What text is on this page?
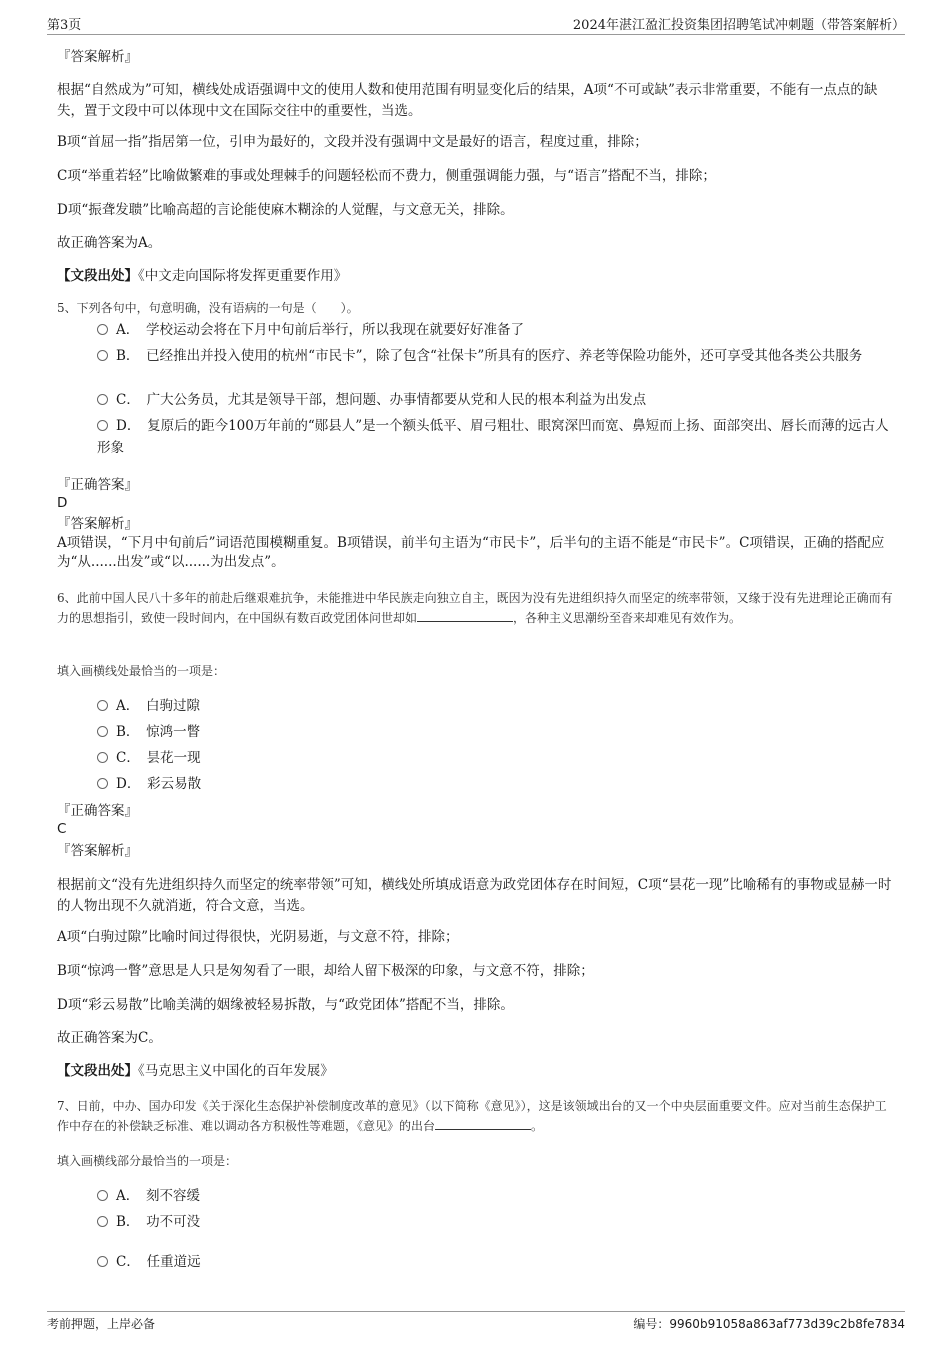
第3页	2024年湛江盈汇投资集团招聘笔试冲刺题（带答案解析）
『答案解析』
根据“自然成为”可知，横线处成语强调中文的使用人数和使用范围有明显变化后的结果，A项“不可或缺”表示非常重要，不能有一点点的缺失，置于文段中可以体现中文在国际交往中的重要性，当选。
B项“首屈一指”指居第一位，引申为最好的，文段并没有强调中文是最好的语言，程度过重，排除；
C项“举重若轻”比喻做繁难的事或处理棘手的问题轻松而不费力，侧重强调能力强，与“语言”搭配不当，排除；
D项“振聋发聩”比喻高超的言论能使麻木糊涂的人觉醒，与文意无关，排除。
故正确答案为A。
【文段出处】《中文走向国际将发挥更重要作用》
5、下列各句中，句意明确，没有语病的一句是（　　）。
A．　学校运动会将在下月中旬前后举行，所以我现在就要好好准备了
B．　已经推出并投入使用的杭州“市民卡”，除了包含“社保卡”所具有的医疗、养老等保险功能外，还可享受其他各类公共服务
C．　广大公务员，尤其是领导干部，想问题、办事情都要从党和人民的根本利益为出发点
D．　复原后的距今100万年前的“郧县人”是一个额头低平、眉弓粗壮、眼窝深凹而宽、鼻短而上扬、面部突出、唇长而薄的远古人形象
『正确答案』
D
『答案解析』
A项错误，“下月中旬前后”词语范围模糊重复。B项错误，前半句主语为“市民卡”，后半句的主语不能是“市民卡”。C项错误，正确的搭配应为“从......出发”或“以......为出发点”。
6、此前中国人民八十多年的前赴后继艰难抗争，未能推进中华民族走向独立自主，既因为没有先进组织持久而坚定的统率带领，又缘于没有先进理论正确而有力的思想指引，致使一段时间内，在中国纵有数百政党团体问世却如	，各种主义思潮纷至沓来却难见有效作为。
填入画横线处最恰当的一项是：
A．　白驹过隙
B．　惊鸿一瞥
C．　昙花一现
D．　彩云易散
『正确答案』
C
『答案解析』
根据前文“没有先进组织持久而坚定的统率带领”可知，横线处所填成语意为政党团体存在时间短，C项“昙花一现”比喻稀有的事物或显赫一时的人物出现不久就消逝，符合文意，当选。
A项“白驹过隙”比喻时间过得很快，光阴易逝，与文意不符，排除；
B项“惊鸿一瞥”意思是人只是匆匆看了一眼，却给人留下极深的印象，与文意不符，排除；
D项“彩云易散”比喻美满的姻缘被轻易拆散，与“政党团体”搭配不当，排除。
故正确答案为C。
【文段出处】《马克思主义中国化的百年发展》
7、日前，中办、国办印发《关于深化生态保护补偿制度改革的意见》（以下简称《意见》），这是该领域出台的又一个中央层面重要文件。应对当前生态保护工作中存在的补偿缺乏标准、难以调动各方积极性等难题，《意见》的出台	。
填入画横线部分最恰当的一项是：
A．　刻不容缓
B．　功不可没
C．　任重道远
考前押题，上岸必备	编号：9960b91058a863af773d39c2b8fe7834
